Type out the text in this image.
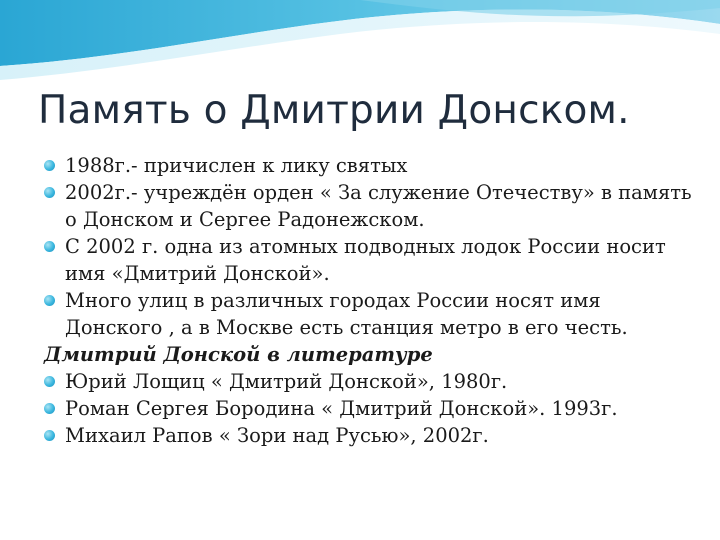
Память о Дмитрии Донском.
1988г.- причислен к лику святых
2002г.- учреждён орден « За служение Отечеству» в память о Донском и Сергее Радонежском.
С 2002 г. одна из атомных подводных лодок России носит имя «Дмитрий Донской».
Много улиц в различных городах России носят имя Донского , а в Москве есть станция метро в его честь.
Дмитрий Донской в литературе
Юрий Лощиц « Дмитрий Донской», 1980г.
Роман Сергея Бородина « Дмитрий Донской». 1993г.
Михаил Рапов « Зори над Русью», 2002г.
